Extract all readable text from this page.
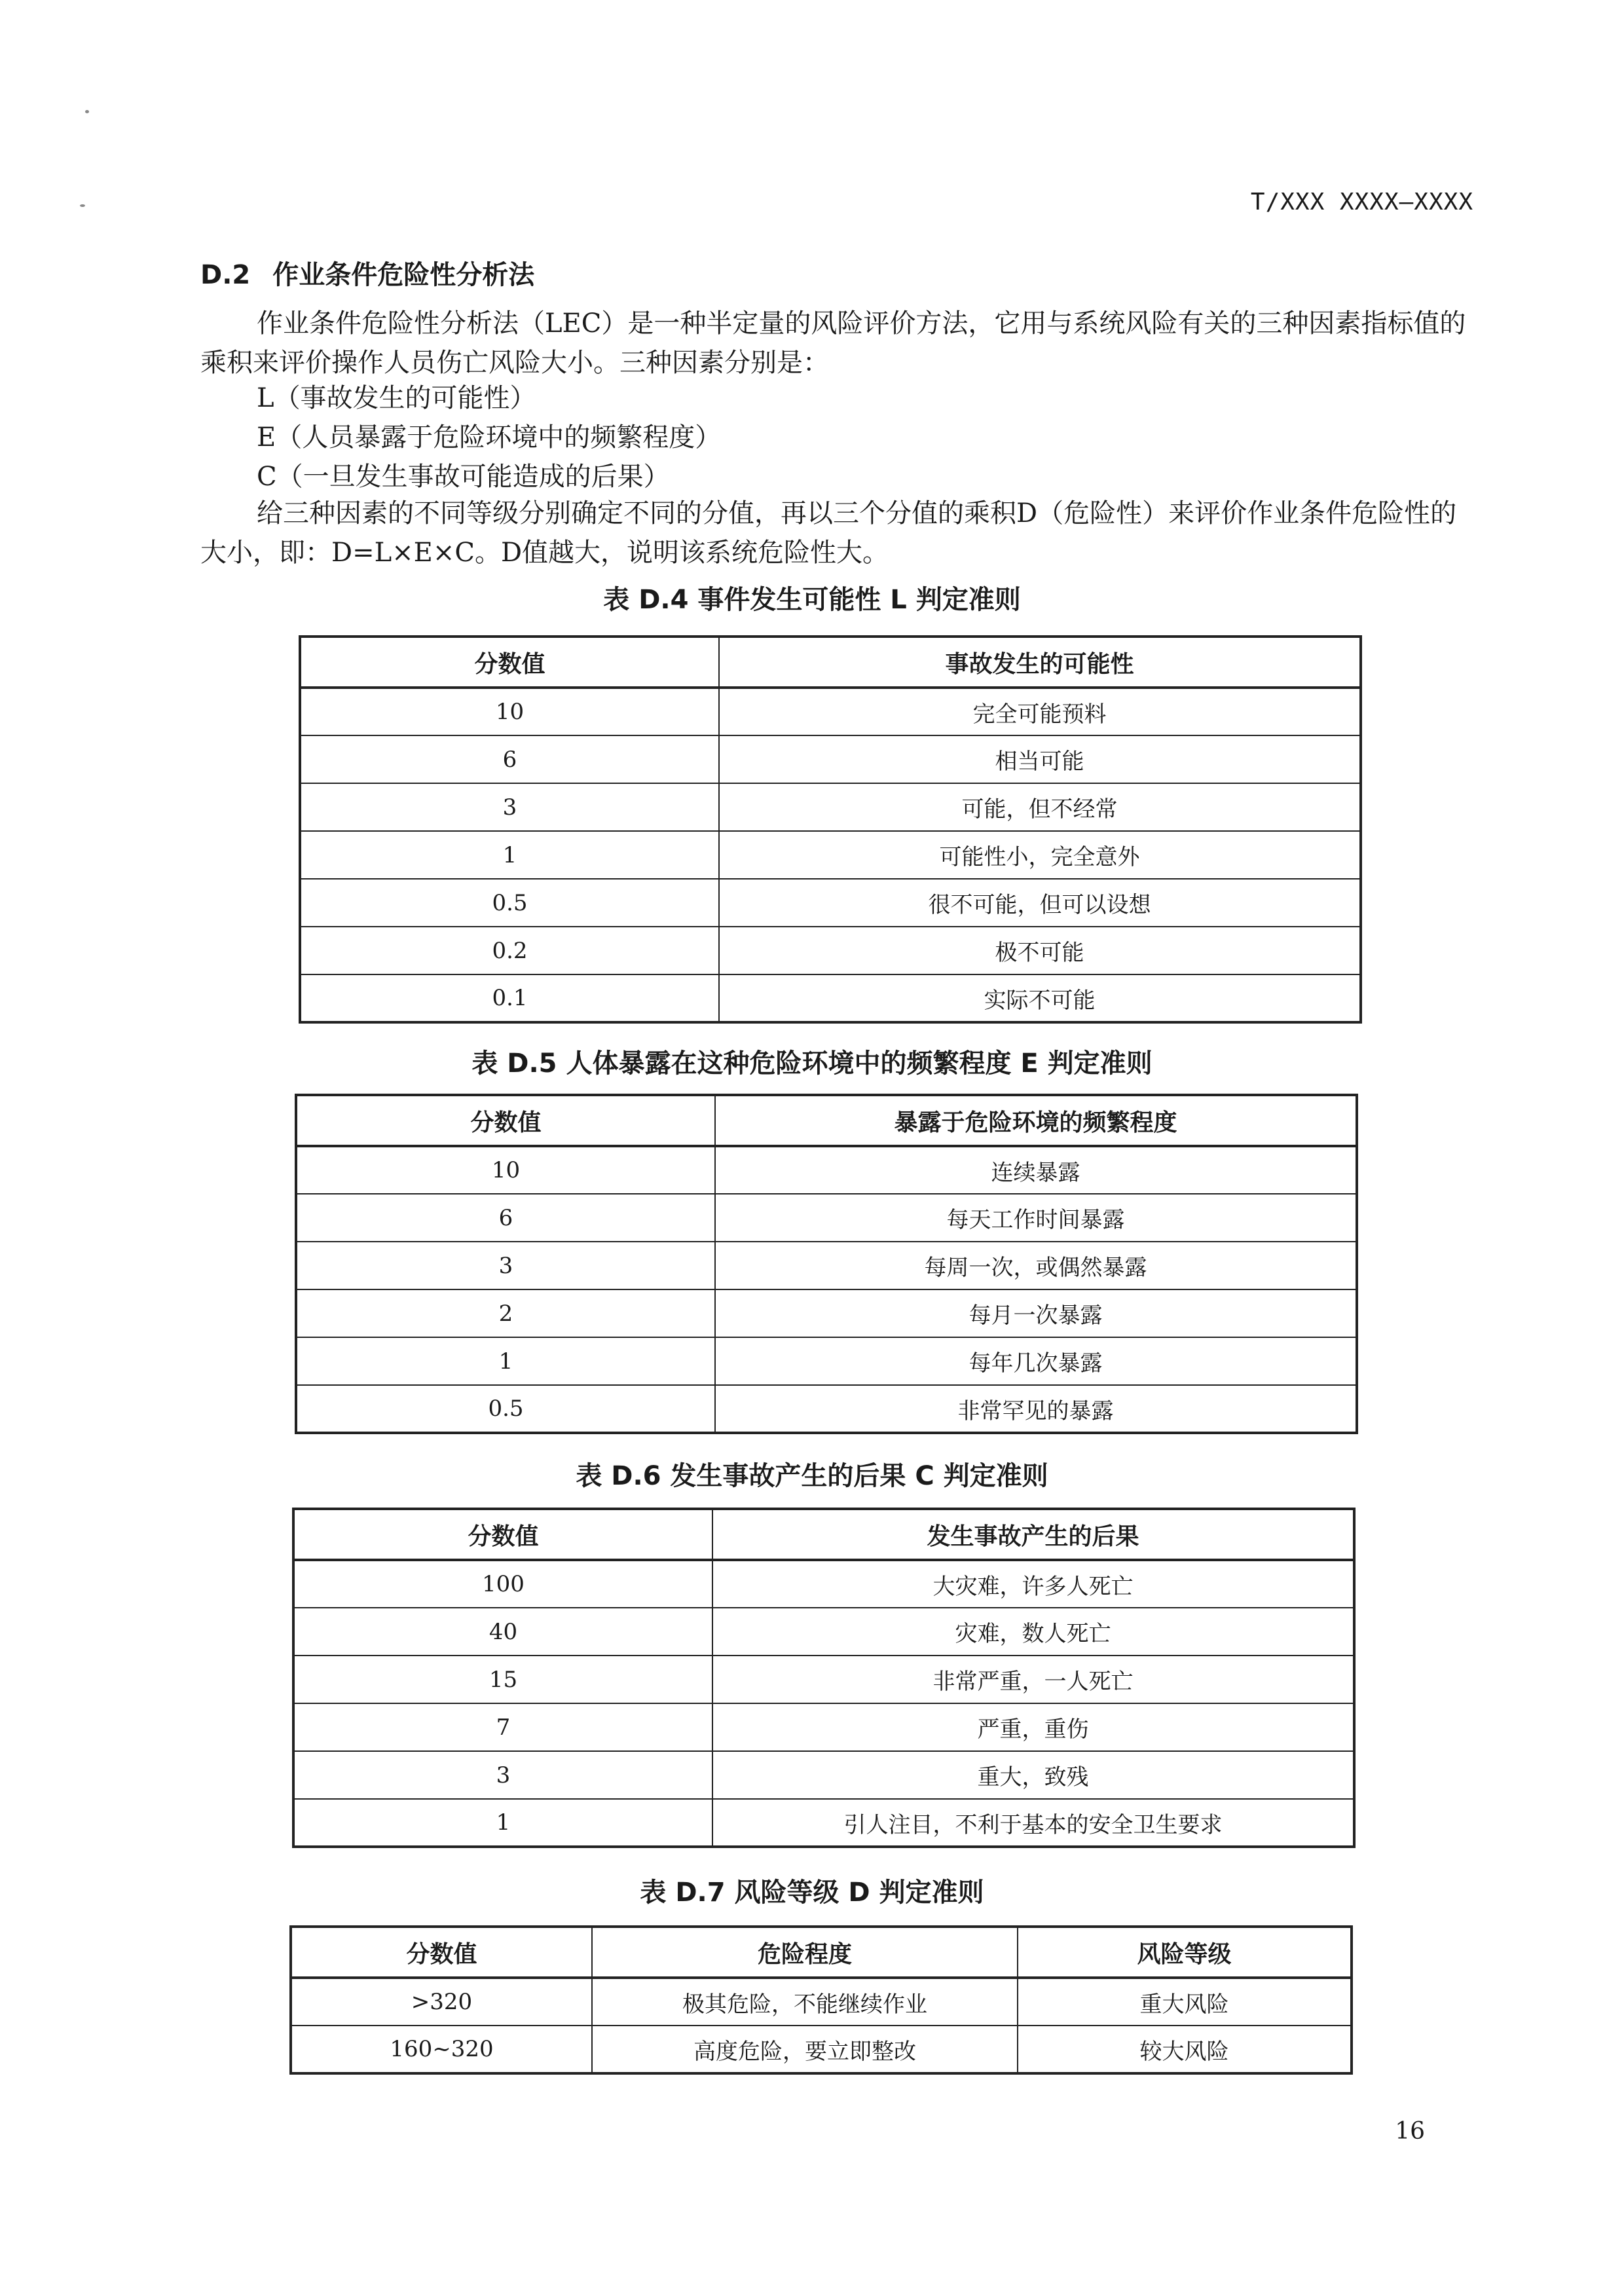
T/XXX XXXX—XXXX
D.2 作业条件危险性分析法
作业条件危险性分析法（LEC）是一种半定量的风险评价方法，它用与系统风险有关的三种因素指标值的乘积来评价操作人员伤亡风险大小。三种因素分别是：
L（事故发生的可能性）
E（人员暴露于危险环境中的频繁程度）
C（一旦发生事故可能造成的后果）
给三种因素的不同等级分别确定不同的分值，再以三个分值的乘积D（危险性）来评价作业条件危险性的大小，即：D=L×E×C。D值越大，说明该系统危险性大。
表 D.4 事件发生可能性 L 判定准则
分数值	事故发生的可能性
10	完全可能预料
6	相当可能
3	可能，但不经常
1	可能性小，完全意外
0.5	很不可能，但可以设想
0.2	极不可能
0.1	实际不可能
表 D.5 人体暴露在这种危险环境中的频繁程度 E 判定准则
分数值	暴露于危险环境的频繁程度
10	连续暴露
6	每天工作时间暴露
3	每周一次，或偶然暴露
2	每月一次暴露
1	每年几次暴露
0.5	非常罕见的暴露
表 D.6 发生事故产生的后果 C 判定准则
分数值	发生事故产生的后果
100	大灾难，许多人死亡
40	灾难，数人死亡
15	非常严重，一人死亡
7	严重，重伤
3	重大，致残
1	引人注目，不利于基本的安全卫生要求
表 D.7 风险等级 D 判定准则
分数值	危险程度	风险等级
>320	极其危险，不能继续作业	重大风险
160~320	高度危险，要立即整改	较大风险
16
